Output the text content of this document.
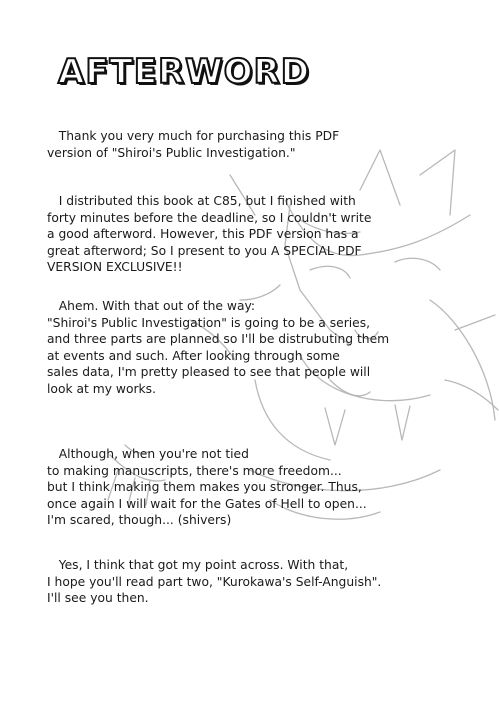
AFTERWORD
Thank you very much for purchasing this PDF
version of "Shiroi's Public Investigation."
I distributed this book at C85, but I finished with
forty minutes before the deadline, so I couldn't write
a good afterword. However, this PDF version has a
great afterword; So I present to you A SPECIAL PDF
VERSION EXCLUSIVE!!
Ahem. With that out of the way:
"Shiroi's Public Investigation" is going to be a series,
and three parts are planned so I'll be distrubuting them
at events and such. After looking through some
sales data, I'm pretty pleased to see that people will
look at my works.
Although, when you're not tied
to making manuscripts, there's more freedom...
but I think making them makes you stronger. Thus,
once again I will wait for the Gates of Hell to open...
I'm scared, though... (shivers)
Yes, I think that got my point across. With that,
I hope you'll read part two, "Kurokawa's Self-Anguish".
I'll see you then.
